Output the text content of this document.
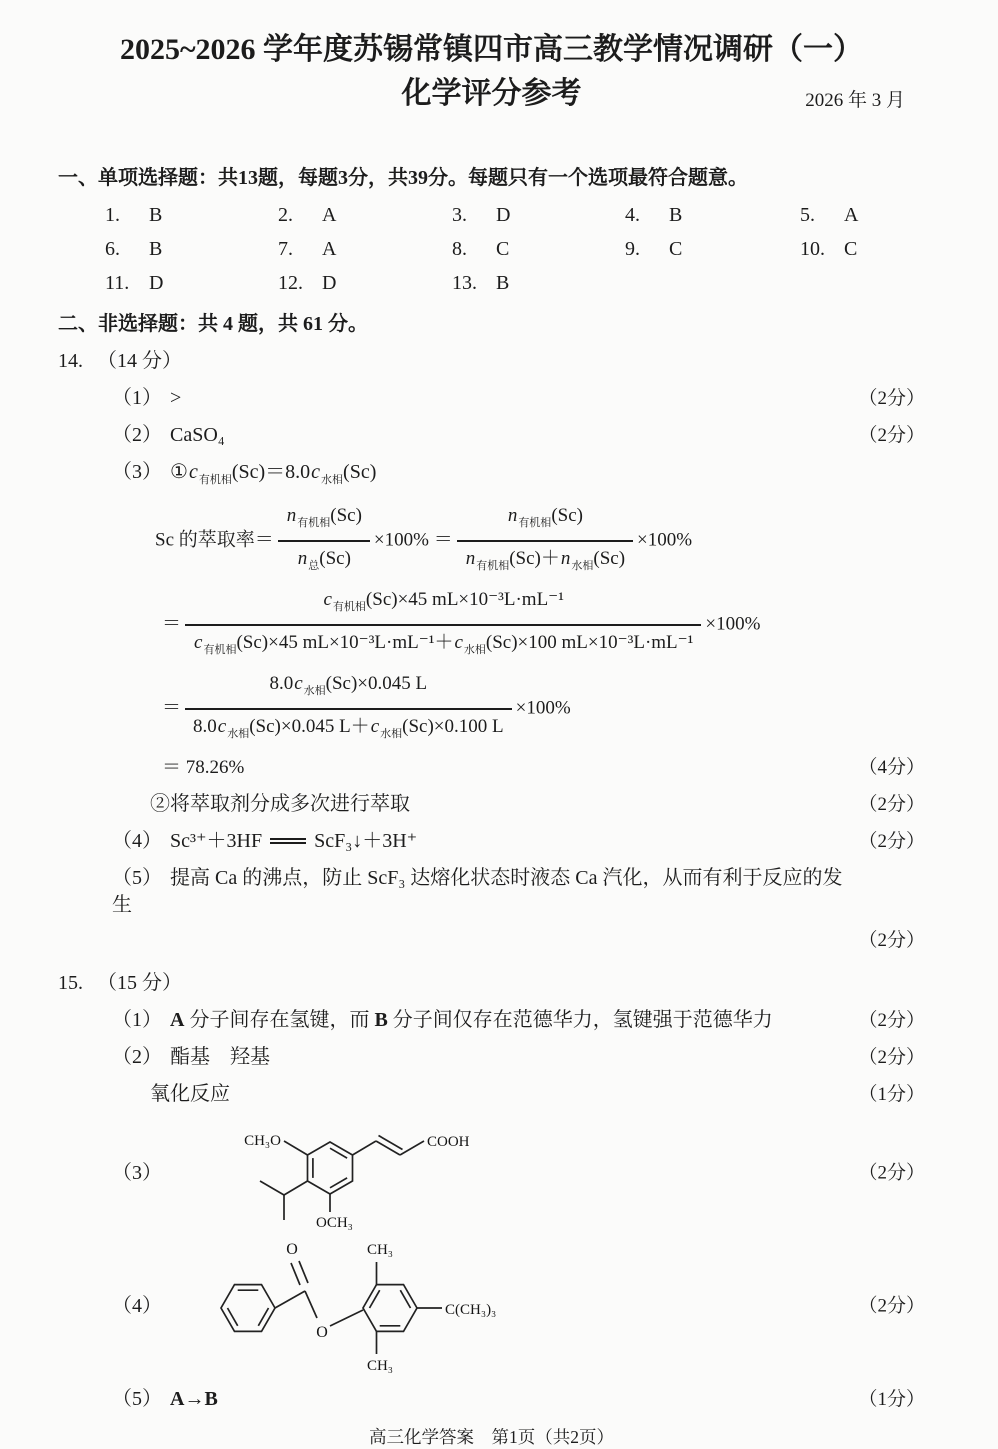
2025~2026 学年度苏锡常镇四市高三教学情况调研（一）
化学评分参考	2026 年 3 月
一、单项选择题：共13题，每题3分，共39分。每题只有一个选项最符合题意。
1. B	2. A	3. D	4. B	5. A
6. B	7. A	8. C	9. C	10. C
11. D	12. D	13. B
二、非选择题：共 4 题，共 61 分。
14. （14 分）
（1） >	（2分）
（2） CaSO₄	（2分）
（3） $①c_{有机相}(Sc)=8.0c_{水相}(Sc)$
Sc 的萃取率＝ $\frac{n_{有机相}(Sc)}{n_总(Sc)} \times 100\% = \frac{n_{有机相}(Sc)}{n_{有机相}(Sc)+n_{水相}(Sc)} \times 100\%$
＝ $\frac{c_{有机相}(Sc)\times 45 mL\times 10^{-3}L\cdot mL^{-1}}{c_{有机相}(Sc)\times 45 mL\times 10^{-3}L\cdot mL^{-1}+c_{水相}(Sc)\times 100 mL\times 10^{-3}L\cdot mL^{-1}} \times 100\%$
＝ $\frac{8.0c_{水相}(Sc)\times 0.045 L}{8.0c_{水相}(Sc)\times 0.045 L+c_{水相}(Sc)\times 0.100 L} \times 100\%$
＝ 78.26%	（4分）
②将萃取剂分成多次进行萃取	（2分）
（4） Sc³⁺＋3HF	ScF₃↓＋3H⁺	（2分）
（5） 提高 Ca 的沸点，防止 ScF₃ 达熔化状态时液态 Ca 汽化，从而有利于反应的发生
（2分）
15. （15 分）
（1） A 分子间存在氢键，而 B 分子间仅存在范德华力，氢键强于范德华力	（2分）
（2） 酯基　羟基	（2分）
氧化反应	（1分）
（3）
CH₃O	COOH
OCH₃
（2分）
（4）
O
O
CH₃
CH₃
C(CH₃)₃	（2分）
（5） A→B	（1分）
高三化学答案　第1页（共2页）
